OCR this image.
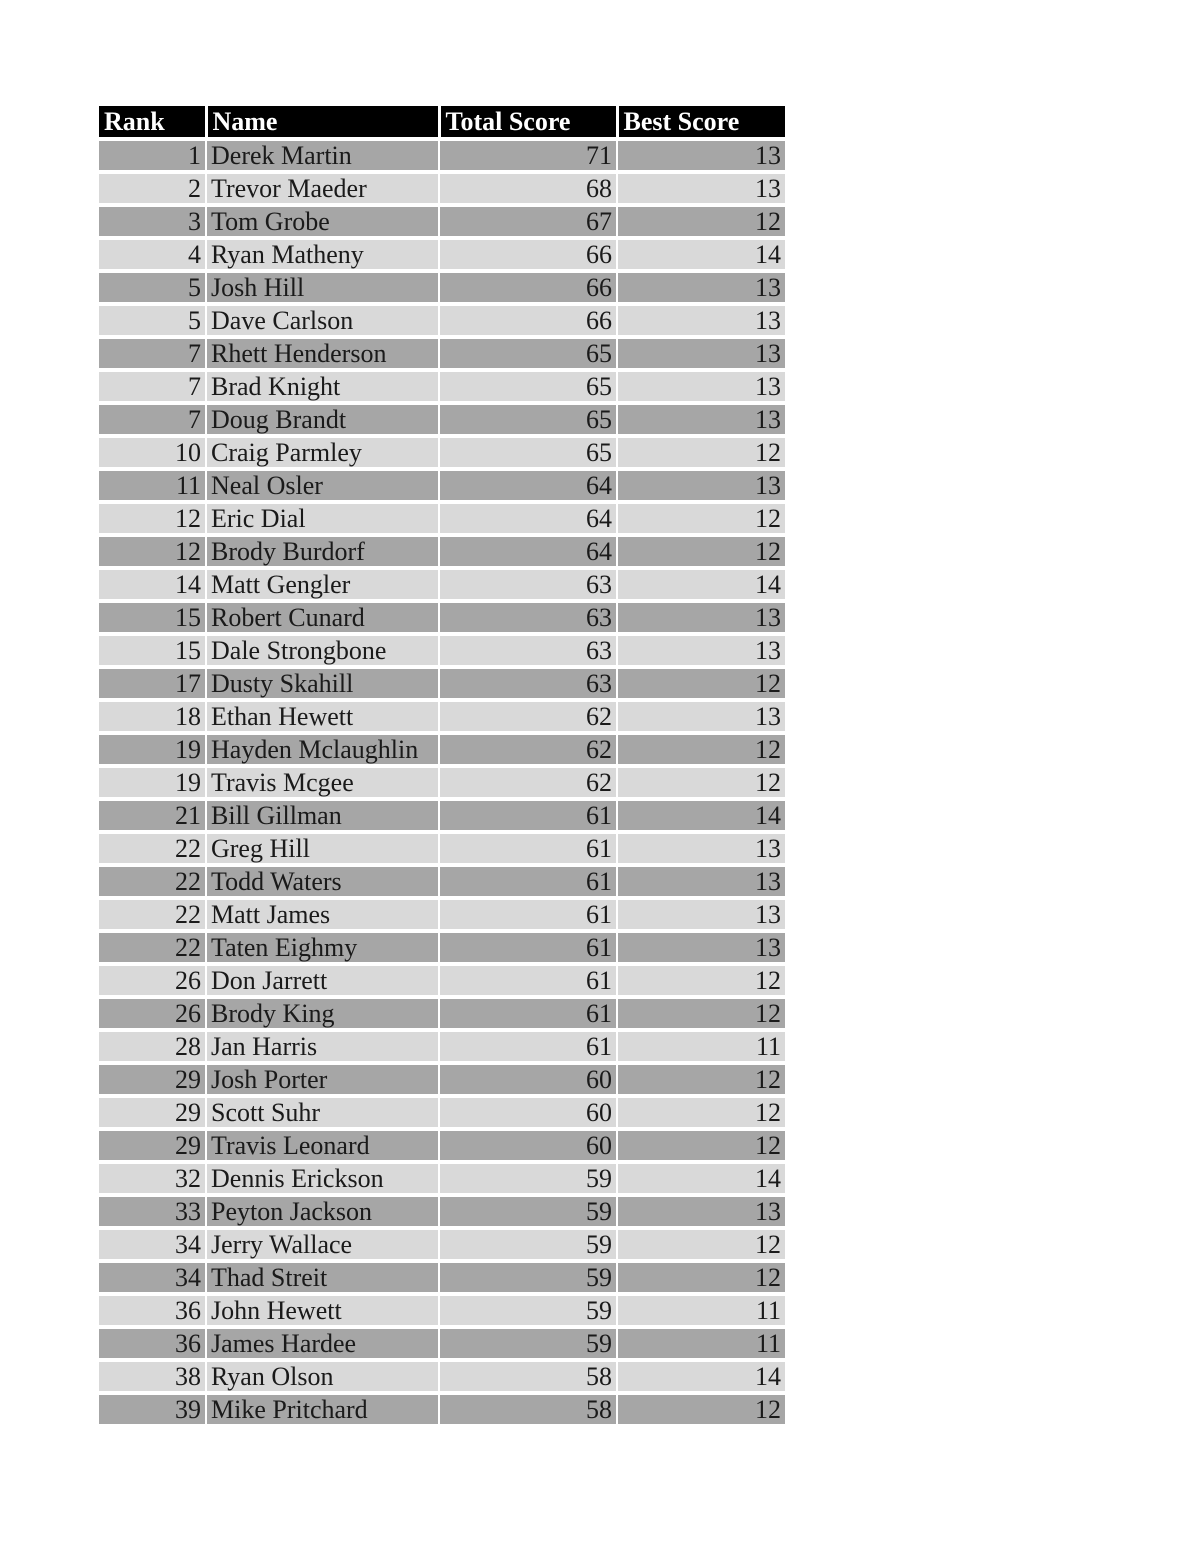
Rank	Name	Total Score	Best Score
1	Derek Martin	71	13
2	Trevor Maeder	68	13
3	Tom Grobe	67	12
4	Ryan Matheny	66	14
5	Josh Hill	66	13
5	Dave Carlson	66	13
7	Rhett Henderson	65	13
7	Brad Knight	65	13
7	Doug Brandt	65	13
10	Craig Parmley	65	12
11	Neal Osler	64	13
12	Eric Dial	64	12
12	Brody Burdorf	64	12
14	Matt Gengler	63	14
15	Robert Cunard	63	13
15	Dale Strongbone	63	13
17	Dusty Skahill	63	12
18	Ethan Hewett	62	13
19	Hayden Mclaughlin	62	12
19	Travis Mcgee	62	12
21	Bill Gillman	61	14
22	Greg Hill	61	13
22	Todd Waters	61	13
22	Matt James	61	13
22	Taten Eighmy	61	13
26	Don Jarrett	61	12
26	Brody King	61	12
28	Jan Harris	61	11
29	Josh Porter	60	12
29	Scott Suhr	60	12
29	Travis Leonard	60	12
32	Dennis Erickson	59	14
33	Peyton Jackson	59	13
34	Jerry Wallace	59	12
34	Thad Streit	59	12
36	John Hewett	59	11
36	James Hardee	59	11
38	Ryan Olson	58	14
39	Mike Pritchard	58	12
